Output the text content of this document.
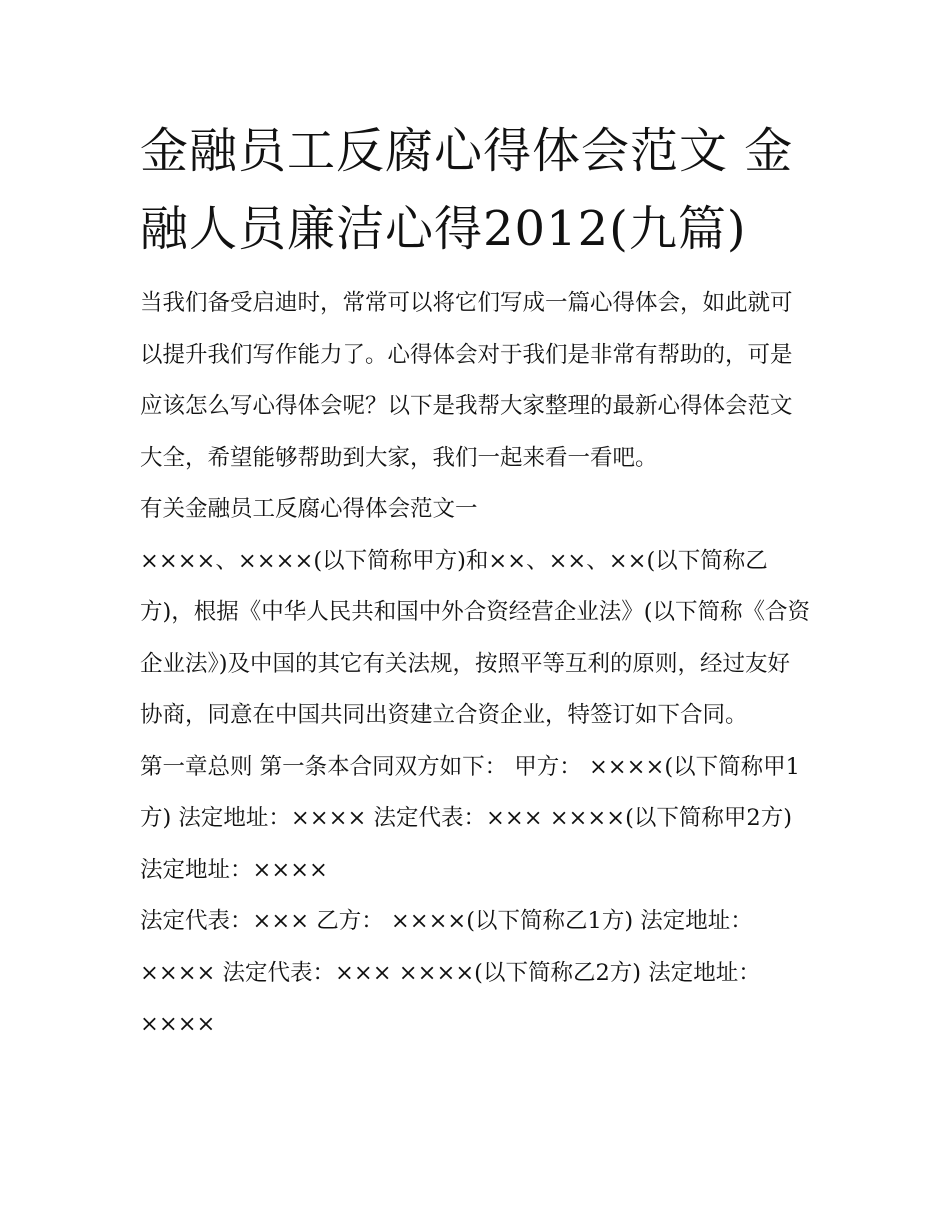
金融员工反腐心得体会范文 金融人员廉洁心得2012(九篇)

当我们备受启迪时，常常可以将它们写成一篇心得体会，如此就可以提升我们写作能力了。心得体会对于我们是非常有帮助的，可是应该怎么写心得体会呢？以下是我帮大家整理的最新心得体会范文大全，希望能够帮助到大家，我们一起来看一看吧。

有关金融员工反腐心得体会范文一

××××、××××(以下简称甲方)和××、××、××(以下简称乙方)，根据《中华人民共和国中外合资经营企业法》(以下简称《合资企业法》)及中国的其它有关法规，按照平等互利的原则，经过友好协商，同意在中国共同出资建立合资企业，特签订如下合同。

第一章总则 第一条本合同双方如下： 甲方： ××××(以下简称甲1方) 法定地址：×××× 法定代表：××× ××××(以下简称甲2方) 法定地址：××××

法定代表：××× 乙方： ××××(以下简称乙1方) 法定地址：×××× 法定代表：××× ××××(以下简称乙2方) 法定地址：××××
